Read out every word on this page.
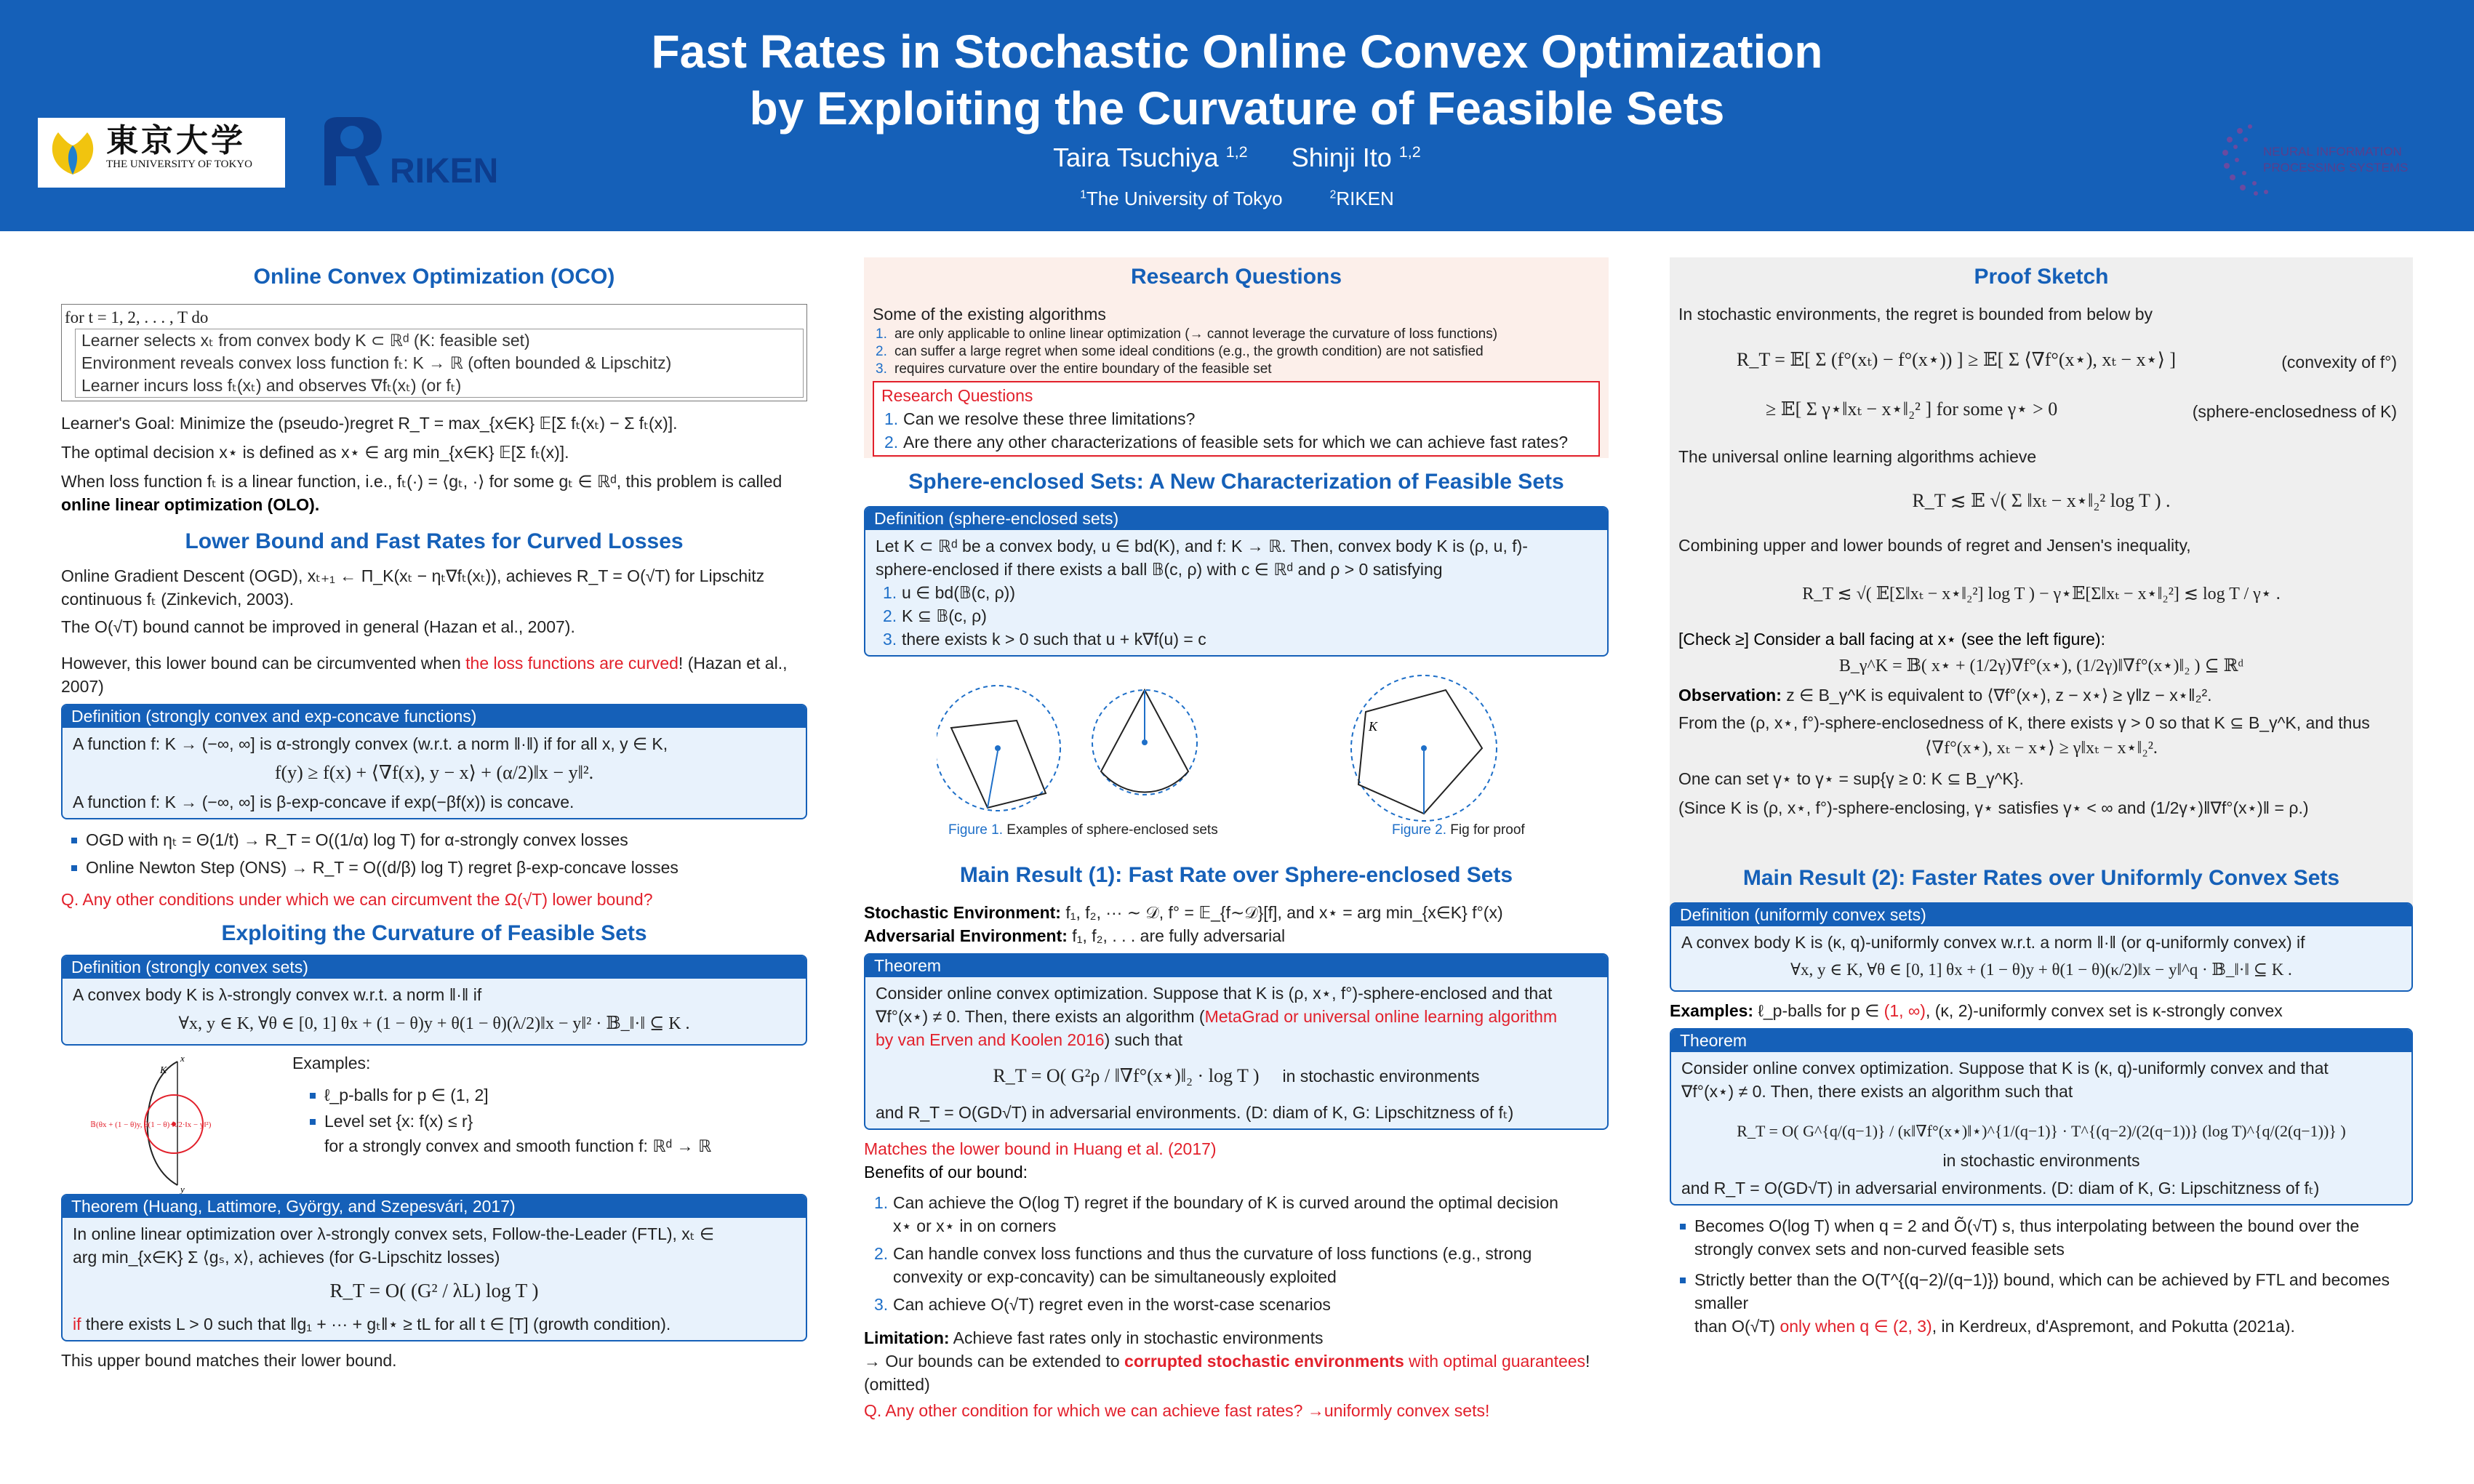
Fast Rates in Stochastic Online Convex Optimization
by Exploiting the Curvature of Feasible Sets
Taira Tsuchiya $^{1,2}$ Shinji Ito $^{1,2}$
$^1$The University of Tokyo	$^2$RIKEN
東京大学
THE UNIVERSITY OF TOKYO	RIKEN
NEURAL INFORMATION
PROCESSING SYSTEMS
Online Convex Optimization (OCO)
for t = 1, 2, . . . , T do
Learner selects xₜ from convex body K ⊂ ℝᵈ (K: feasible set)
Environment reveals convex loss function fₜ: K → ℝ (often bounded & Lipschitz)
Learner incurs loss fₜ(xₜ) and observes ∇fₜ(xₜ) (or fₜ)
Learner's Goal: Minimize the (pseudo-)regret R_T = max_{x∈K} 𝔼[Σ fₜ(xₜ) − Σ fₜ(x)].
The optimal decision x⋆ is defined as x⋆ ∈ arg min_{x∈K} 𝔼[Σ fₜ(x)].
When loss function fₜ is a linear function, i.e., fₜ(·) = ⟨gₜ, ·⟩ for some gₜ ∈ ℝᵈ, this problem is called
online linear optimization (OLO).
Lower Bound and Fast Rates for Curved Losses
Online Gradient Descent (OGD), xₜ₊₁ ← Π_K(xₜ − ηₜ∇fₜ(xₜ)), achieves R_T = O(√T) for Lipschitz
continuous fₜ (Zinkevich, 2003).
The O(√T) bound cannot be improved in general (Hazan et al., 2007).
However, this lower bound can be circumvented when the loss functions are curved! (Hazan et al.,
2007)
Definition (strongly convex and exp-concave functions)
A function f: K → (−∞, ∞] is α-strongly convex (w.r.t. a norm ‖·‖) if for all x, y ∈ K,
f(y) ≥ f(x) + ⟨∇f(x), y − x⟩ + (α/2)‖x − y‖².
A function f: K → (−∞, ∞] is β-exp-concave if exp(−βf(x)) is concave.
OGD with ηₜ = Θ(1/t) → R_T = O((1/α) log T) for α-strongly convex losses
Online Newton Step (ONS) → R_T = O((d/β) log T) regret β-exp-concave losses
Q. Any other conditions under which we can circumvent the Ω(√T) lower bound?
Exploiting the Curvature of Feasible Sets
Definition (strongly convex sets)
A convex body K is λ-strongly convex w.r.t. a norm ‖·‖ if
∀x, y ∈ K, ∀θ ∈ [0, 1] θx + (1 − θ)y + θ(1 − θ)(λ/2)‖x − y‖² · 𝔹_‖·‖ ⊆ K .
K
x
y
𝔹(θx + (1 − θ)y, θ(1 − θ)·λ/2·‖x − y‖²)
Examples:
ℓ_p-balls for p ∈ (1, 2]
Level set {x: f(x) ≤ r}
for a strongly convex and smooth function f: ℝᵈ → ℝ
Theorem (Huang, Lattimore, György, and Szepesvári, 2017)
In online linear optimization over λ-strongly convex sets, Follow-the-Leader (FTL), xₜ ∈
arg min_{x∈K} Σ ⟨gₛ, x⟩, achieves (for G-Lipschitz losses)
R_T = O( (G² / λL) log T )
if there exists L > 0 such that ‖g₁ + ··· + gₜ‖⋆ ≥ tL for all t ∈ [T] (growth condition).
This upper bound matches their lower bound.
Research Questions
Some of the existing algorithms
1. are only applicable to online linear optimization (→ cannot leverage the curvature of loss functions)
2. can suffer a large regret when some ideal conditions (e.g., the growth condition) are not satisfied
3. requires curvature over the entire boundary of the feasible set
Research Questions
1. Can we resolve these three limitations?
2. Are there any other characterizations of feasible sets for which we can achieve fast rates?
Sphere-enclosed Sets: A New Characterization of Feasible Sets
Definition (sphere-enclosed sets)
Let K ⊂ ℝᵈ be a convex body, u ∈ bd(K), and f: K → ℝ. Then, convex body K is (ρ, u, f)-
sphere-enclosed if there exists a ball 𝔹(c, ρ) with c ∈ ℝᵈ and ρ > 0 satisfying
1. u ∈ bd(𝔹(c, ρ))
2. K ⊆ 𝔹(c, ρ)
3. there exists k > 0 such that u + k∇f(u) = c
Figure 1. Examples of sphere-enclosed sets
K
Figure 2. Fig for proof
Main Result (1): Fast Rate over Sphere-enclosed Sets
Stochastic Environment: f₁, f₂, ··· ∼ 𝒟, f° = 𝔼_{f∼𝒟}[f], and x⋆ = arg min_{x∈K} f°(x)
Adversarial Environment: f₁, f₂, . . . are fully adversarial
Theorem
Consider online convex optimization. Suppose that K is (ρ, x⋆, f°)-sphere-enclosed and that
∇f°(x⋆) ≠ 0. Then, there exists an algorithm (MetaGrad or universal online learning algorithm
by van Erven and Koolen 2016) such that
R_T = O( G²ρ / ‖∇f°(x⋆)‖₂ · log T ) in stochastic environments
and R_T = O(GD√T) in adversarial environments. (D: diam of K, G: Lipschitzness of fₜ)
Matches the lower bound in Huang et al. (2017)
Benefits of our bound:
1. Can achieve the O(log T) regret if the boundary of K is curved around the optimal decision
x⋆ or x⋆ in on corners
2. Can handle convex loss functions and thus the curvature of loss functions (e.g., strong
convexity or exp-concavity) can be simultaneously exploited
3. Can achieve O(√T) regret even in the worst-case scenarios
Limitation: Achieve fast rates only in stochastic environments
→ Our bounds can be extended to corrupted stochastic environments with optimal guarantees!
(omitted)
Q. Any other condition for which we can achieve fast rates? →uniformly convex sets!
Proof Sketch
In stochastic environments, the regret is bounded from below by
R_T = 𝔼[ Σ (f°(xₜ) − f°(x⋆)) ] ≥ 𝔼[ Σ ⟨∇f°(x⋆), xₜ − x⋆⟩ ]	(convexity of f°)
≥ 𝔼[ Σ γ⋆‖xₜ − x⋆‖₂² ] for some γ⋆ > 0	(sphere-enclosedness of K)
The universal online learning algorithms achieve
R_T ≲ 𝔼 √( Σ ‖xₜ − x⋆‖₂² log T ) .
Combining upper and lower bounds of regret and Jensen's inequality,
R_T ≲ √( 𝔼[Σ‖xₜ − x⋆‖₂²] log T ) − γ⋆𝔼[Σ‖xₜ − x⋆‖₂²] ≲ log T / γ⋆ .
[Check ≥] Consider a ball facing at x⋆ (see the left figure):
B_γ^K = 𝔹( x⋆ + (1/2γ)∇f°(x⋆), (1/2γ)‖∇f°(x⋆)‖₂ ) ⊆ ℝᵈ
Observation: z ∈ B_γ^K is equivalent to ⟨∇f°(x⋆), z − x⋆⟩ ≥ γ‖z − x⋆‖₂².
From the (ρ, x⋆, f°)-sphere-enclosedness of K, there exists γ > 0 so that K ⊆ B_γ^K, and thus
⟨∇f°(x⋆), xₜ − x⋆⟩ ≥ γ‖xₜ − x⋆‖₂².
One can set γ⋆ to γ⋆ = sup{γ ≥ 0: K ⊆ B_γ^K}.
(Since K is (ρ, x⋆, f°)-sphere-enclosing, γ⋆ satisfies γ⋆ < ∞ and (1/2γ⋆)‖∇f°(x⋆)‖ = ρ.)
Main Result (2): Faster Rates over Uniformly Convex Sets
Definition (uniformly convex sets)
A convex body K is (κ, q)-uniformly convex w.r.t. a norm ‖·‖ (or q-uniformly convex) if
∀x, y ∈ K, ∀θ ∈ [0, 1] θx + (1 − θ)y + θ(1 − θ)(κ/2)‖x − y‖^q · 𝔹_‖·‖ ⊆ K .
Examples: ℓ_p-balls for p ∈ (1, ∞), (κ, 2)-uniformly convex set is κ-strongly convex
Theorem
Consider online convex optimization. Suppose that K is (κ, q)-uniformly convex and that
∇f°(x⋆) ≠ 0. Then, there exists an algorithm such that
R_T = O( G^{q/(q−1)} / (κ‖∇f°(x⋆)‖⋆)^{1/(q−1)} · T^{(q−2)/(2(q−1))} (log T)^{q/(2(q−1))} )
in stochastic environments
and R_T = O(GD√T) in adversarial environments. (D: diam of K, G: Lipschitzness of fₜ)
Becomes O(log T) when q = 2 and Õ(√T) s, thus interpolating between the bound over the
strongly convex sets and non-curved feasible sets
Strictly better than the O(T^{(q−2)/(q−1)}) bound, which can be achieved by FTL and becomes smaller
than O(√T) only when q ∈ (2, 3), in Kerdreux, d'Aspremont, and Pokutta (2021a).
